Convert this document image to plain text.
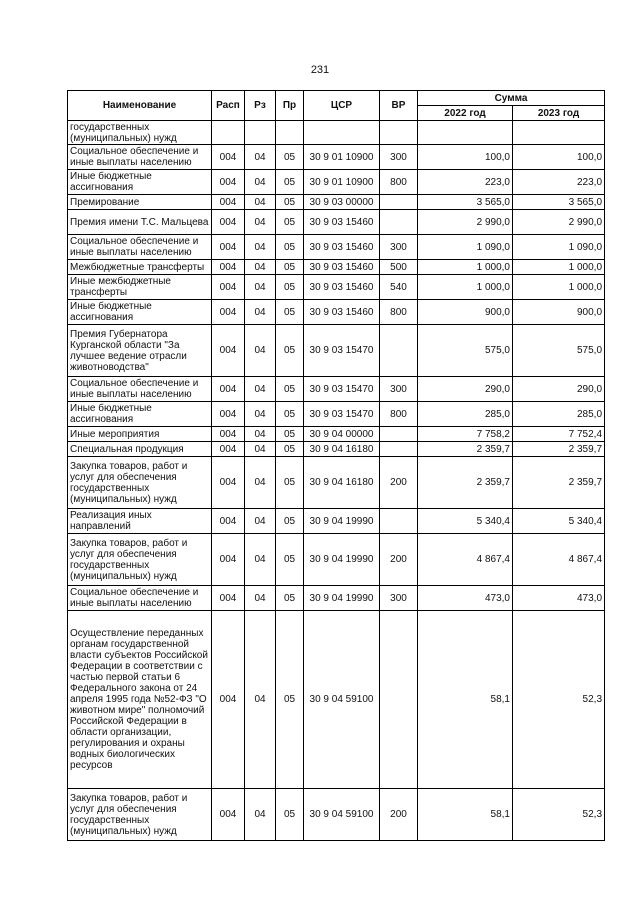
231
Наименование	Расп	Рз	Пр	ЦСР	ВР	Сумма	
						2022 год	2023 год
государственных (муниципальных) нужд							
Социальное обеспечение и иные выплаты населению	004	04	05	30 9 01 10900	300	100,0	100,0
Иные бюджетные ассигнования	004	04	05	30 9 01 10900	800	223,0	223,0
Премирование	004	04	05	30 9 03 00000		3 565,0	3 565,0
Премия имени Т.С. Мальцева	004	04	05	30 9 03 15460		2 990,0	2 990,0
Социальное обеспечение и иные выплаты населению	004	04	05	30 9 03 15460	300	1 090,0	1 090,0
Межбюджетные трансферты	004	04	05	30 9 03 15460	500	1 000,0	1 000,0
Иные межбюджетные трансферты	004	04	05	30 9 03 15460	540	1 000,0	1 000,0
Иные бюджетные ассигнования	004	04	05	30 9 03 15460	800	900,0	900,0
Премия Губернатора Курганской области "За лучшее ведение отрасли животноводства"	004	04	05	30 9 03 15470		575,0	575,0
Социальное обеспечение и иные выплаты населению	004	04	05	30 9 03 15470	300	290,0	290,0
Иные бюджетные ассигнования	004	04	05	30 9 03 15470	800	285,0	285,0
Иные мероприятия	004	04	05	30 9 04 00000		7 758,2	7 752,4
Специальная продукция	004	04	05	30 9 04 16180		2 359,7	2 359,7
Закупка товаров, работ и услуг для обеспечения государственных (муниципальных) нужд	004	04	05	30 9 04 16180	200	2 359,7	2 359,7
Реализация иных направлений	004	04	05	30 9 04 19990		5 340,4	5 340,4
Закупка товаров, работ и услуг для обеспечения государственных (муниципальных) нужд	004	04	05	30 9 04 19990	200	4 867,4	4 867,4
Социальное обеспечение и иные выплаты населению	004	04	05	30 9 04 19990	300	473,0	473,0
Осуществление переданных органам государственной власти субъектов Российской Федерации в соответствии с частью первой статьи 6 Федерального закона от 24 апреля 1995 года №52-ФЗ "О животном мире" полномочий Российской Федерации в области организации, регулирования и охраны водных биологических ресурсов	004	04	05	30 9 04 59100		58,1	52,3
Закупка товаров, работ и услуг для обеспечения государственных (муниципальных) нужд	004	04	05	30 9 04 59100	200	58,1	52,3
